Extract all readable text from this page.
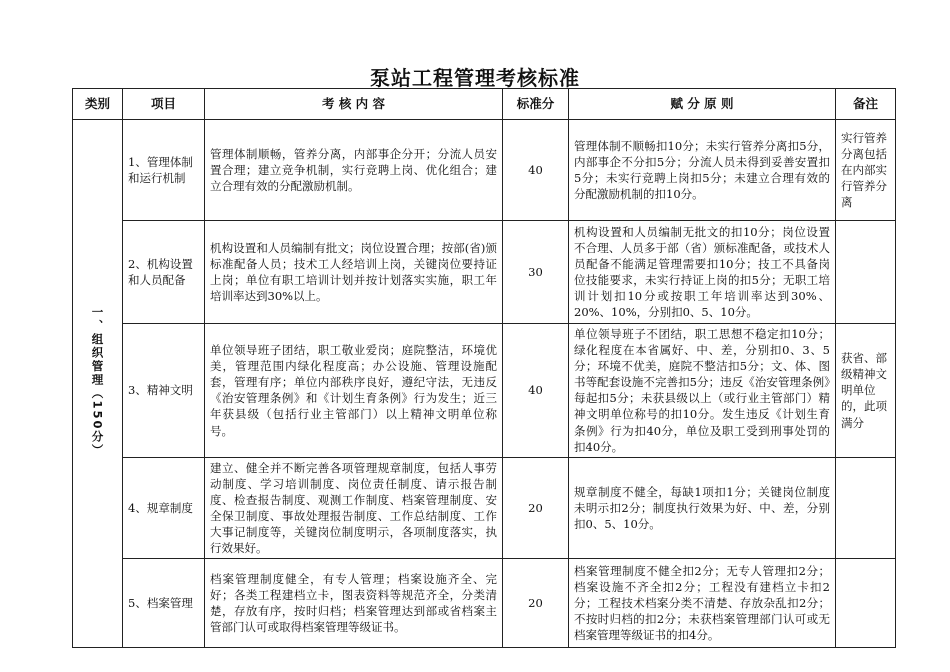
泵站工程管理考核标准
类别	项目	考 核 内 容	标准分	赋 分 原 则	备注
一、组织管理（150分）	1、管理体制和运行机制	管理体制顺畅，管养分离，内部事企分开；分流人员安置合理；建立竞争机制，实行竞聘上岗、优化组合；建立合理有效的分配激励机制。	40	管理体制不顺畅扣10分；未实行管养分离扣5分，内部事企不分扣5分；分流人员未得到妥善安置扣5分；未实行竞聘上岗扣5分；未建立合理有效的分配激励机制的扣10分。	实行管养分离包括在内部实行管养分离
	2、机构设置和人员配备	机构设置和人员编制有批文；岗位设置合理；按部(省)颁标准配备人员；技术工人经培训上岗，关键岗位要持证上岗；单位有职工培训计划并按计划落实实施，职工年培训率达到30%以上。	30	机构设置和人员编制无批文的扣10分；岗位设置不合理、人员多于部（省）颁标准配备，或技术人员配备不能满足管理需要扣10分；技工不具备岗位技能要求，未实行持证上岗的扣5分；无职工培训计划扣10分或按职工年培训率达到30%、20%、10%，分别扣0、5、10分。	
	3、精神文明	单位领导班子团结，职工敬业爱岗；庭院整洁，环境优美，管理范围内绿化程度高；办公设施、管理设施配套，管理有序；单位内部秩序良好，遵纪守法，无违反《治安管理条例》和《计划生育条例》行为发生；近三年获县级（包括行业主管部门）以上精神文明单位称号。	40	单位领导班子不团结，职工思想不稳定扣10分；绿化程度在本省属好、中、差，分别扣0、3、5分；环境不优美，庭院不整洁扣5分；文、体、图书等配套设施不完善扣5分；违反《治安管理条例》每起扣5分；未获县级以上（或行业主管部门）精神文明单位称号的扣10分。发生违反《计划生育条例》行为扣40分，单位及职工受到刑事处罚的扣40分。	获省、部级精神文明单位的，此项满分
	4、规章制度	建立、健全并不断完善各项管理规章制度，包括人事劳动制度、学习培训制度、岗位责任制度、请示报告制度、检查报告制度、观测工作制度、档案管理制度、安全保卫制度、事故处理报告制度、工作总结制度、工作大事记制度等，关键岗位制度明示，各项制度落实，执行效果好。	20	规章制度不健全，每缺1项扣1分；关键岗位制度未明示扣2分；制度执行效果为好、中、差，分别扣0、5、10分。	
	5、档案管理	档案管理制度健全，有专人管理；档案设施齐全、完好；各类工程建档立卡，图表资料等规范齐全，分类清楚，存放有序，按时归档；档案管理达到部或省档案主管部门认可或取得档案管理等级证书。	20	档案管理制度不健全扣2分；无专人管理扣2分；档案设施不齐全扣2分；工程没有建档立卡扣2分；工程技术档案分类不清楚、存放杂乱扣2分；不按时归档的扣2分；未获档案管理部门认可或无档案管理等级证书的扣4分。	
